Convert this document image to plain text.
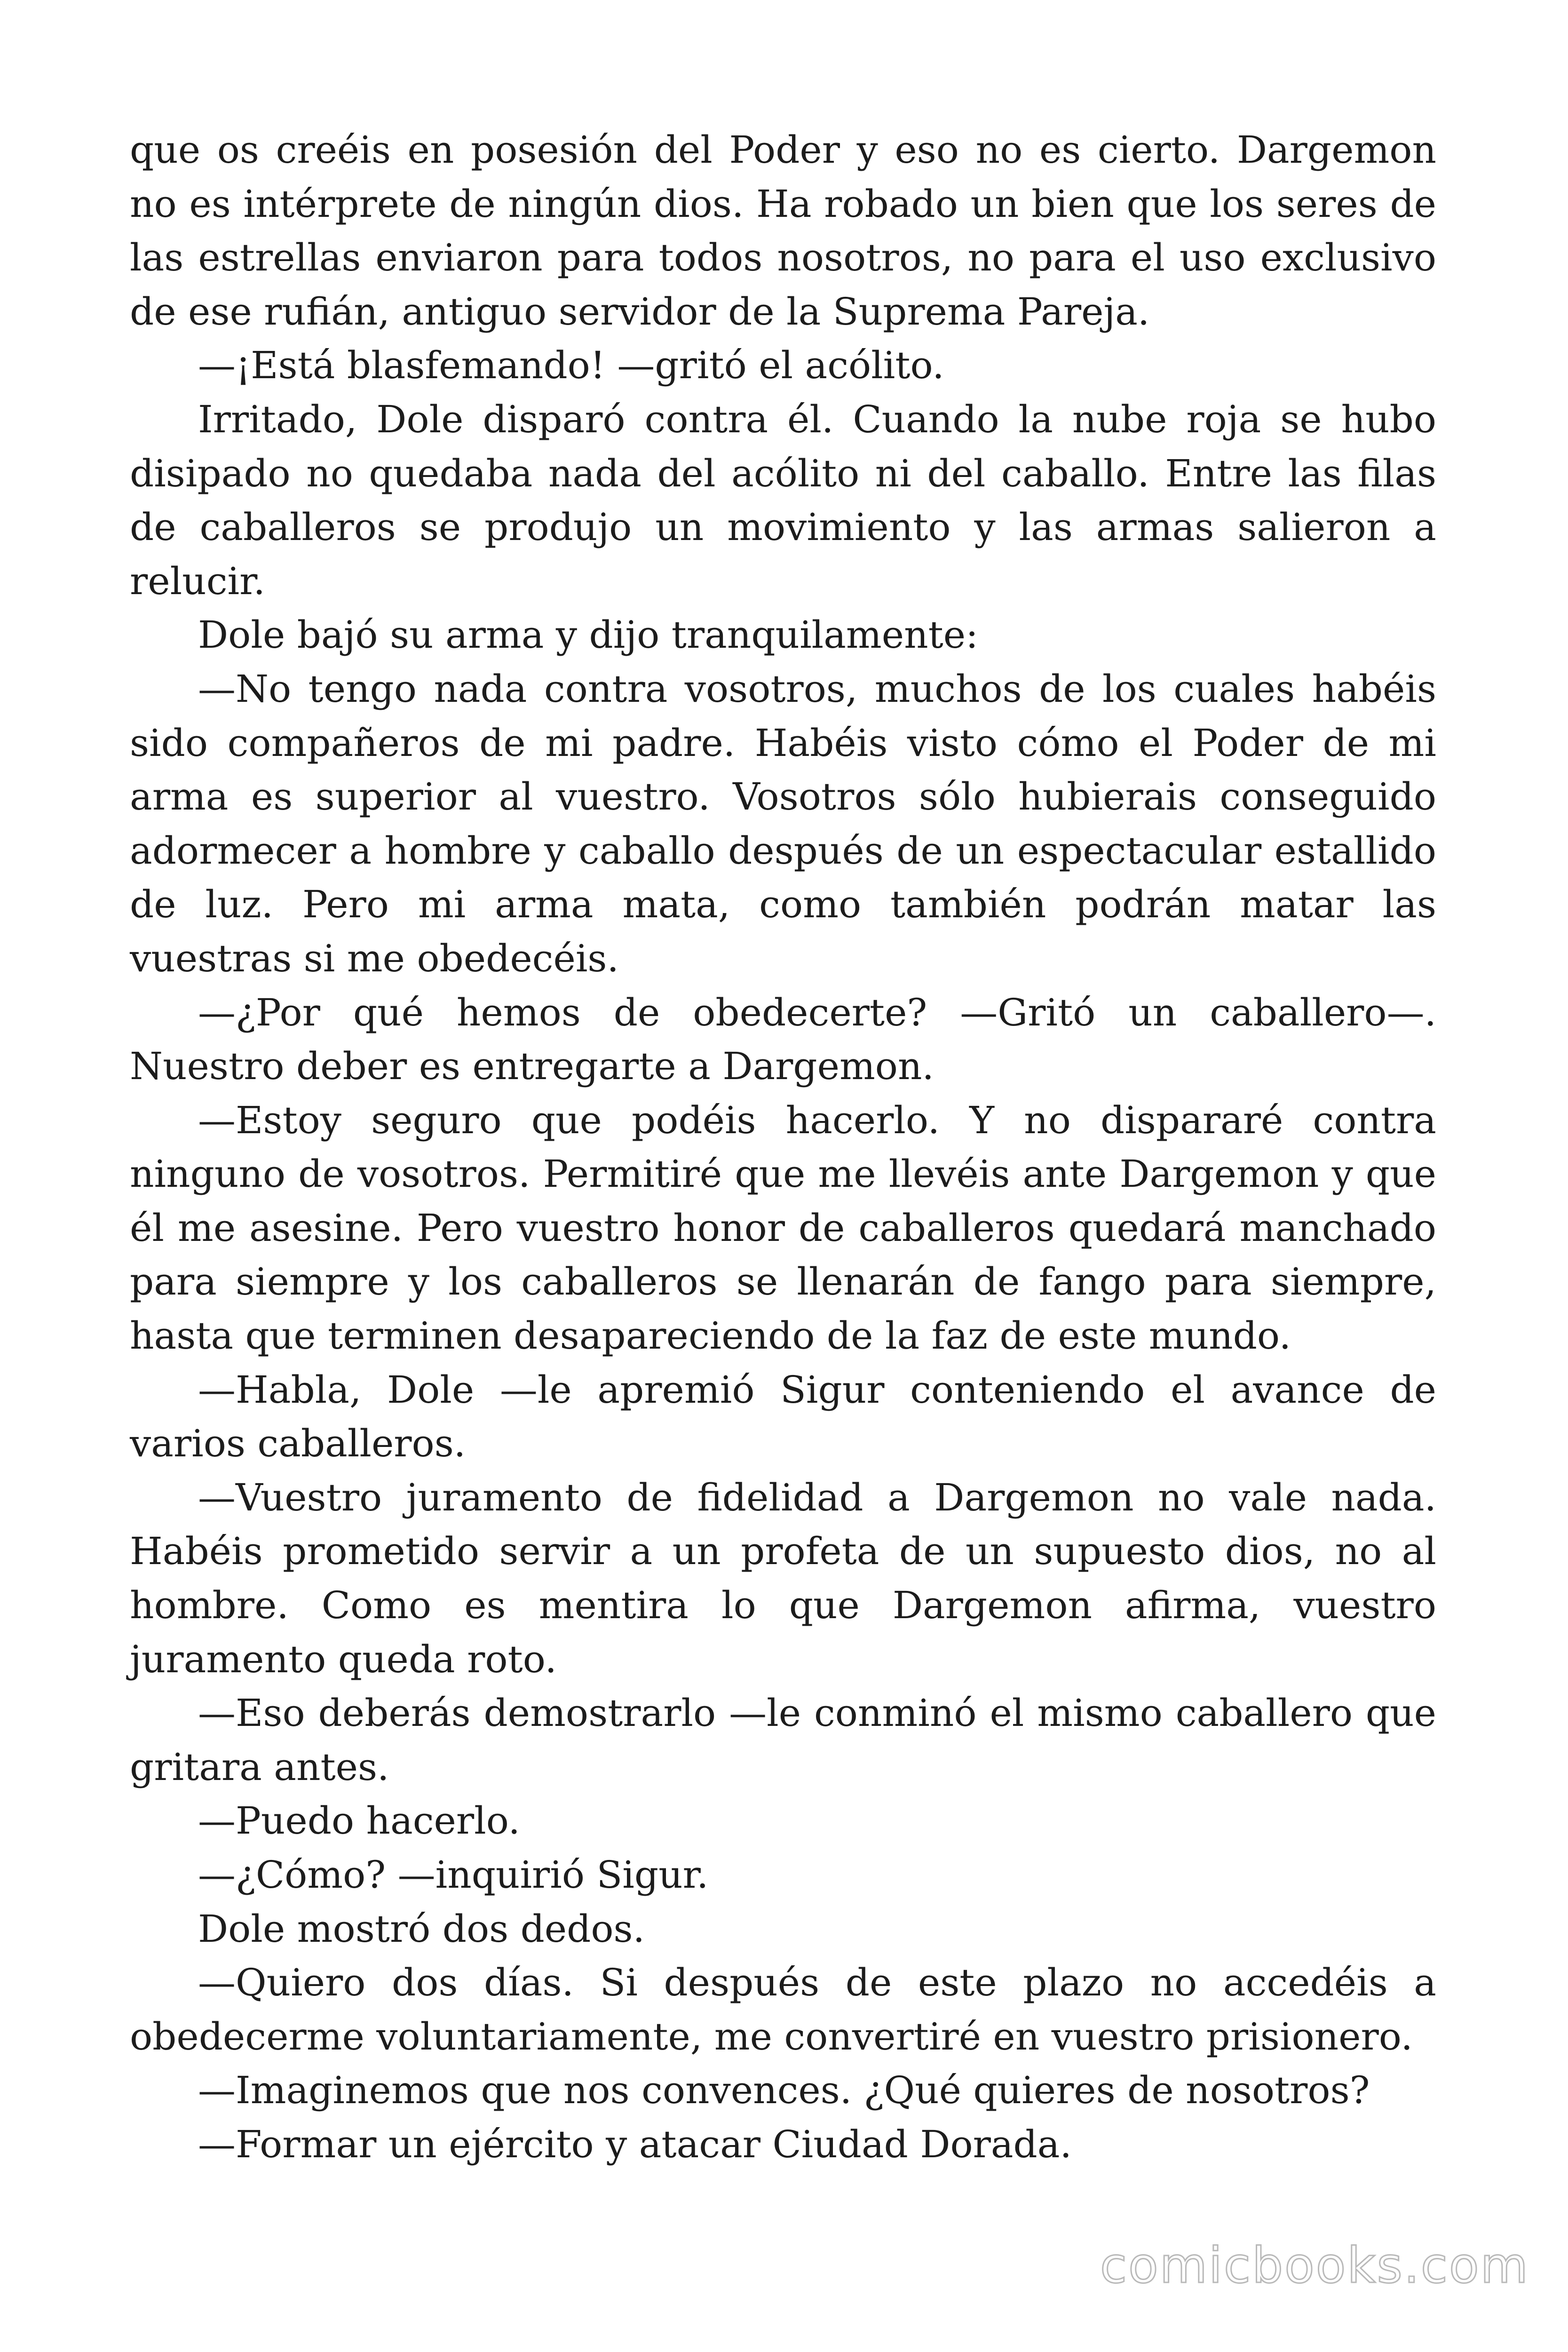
que os creéis en posesión del Poder y eso no es cierto. Dargemon no es intérprete de ningún dios. Ha robado un bien que los seres de las estrellas enviaron para todos nosotros, no para el uso exclusivo de ese rufián, antiguo servidor de la Suprema Pareja.

—¡Está blasfemando! —gritó el acólito.

Irritado, Dole disparó contra él. Cuando la nube roja se hubo disipado no quedaba nada del acólito ni del caballo. Entre las filas de caballeros se produjo un movimiento y las armas salieron a relucir.

Dole bajó su arma y dijo tranquilamente:

—No tengo nada contra vosotros, muchos de los cuales habéis sido compañeros de mi padre. Habéis visto cómo el Poder de mi arma es superior al vuestro. Vosotros sólo hubierais conseguido adormecer a hombre y caballo después de un espectacular estallido de luz. Pero mi arma mata, como también podrán matar las vuestras si me obedecéis.

—¿Por qué hemos de obedecerte? —Gritó un caballero—. Nuestro deber es entregarte a Dargemon.

—Estoy seguro que podéis hacerlo. Y no dispararé contra ninguno de vosotros. Permitiré que me llevéis ante Dargemon y que él me asesine. Pero vuestro honor de caballeros quedará manchado para siempre y los caballeros se llenarán de fango para siempre, hasta que terminen desapareciendo de la faz de este mundo.

—Habla, Dole —le apremió Sigur conteniendo el avance de varios caballeros.

—Vuestro juramento de fidelidad a Dargemon no vale nada. Habéis prometido servir a un profeta de un supuesto dios, no al hombre. Como es mentira lo que Dargemon afirma, vuestro juramento queda roto.

—Eso deberás demostrarlo —le conminó el mismo caballero que gritara antes.

—Puedo hacerlo.

—¿Cómo? —inquirió Sigur.

Dole mostró dos dedos.

—Quiero dos días. Si después de este plazo no accedéis a obedecerme voluntariamente, me convertiré en vuestro prisionero.

—Imaginemos que nos convences. ¿Qué quieres de nosotros?

—Formar un ejército y atacar Ciudad Dorada.

comicbooks.com
